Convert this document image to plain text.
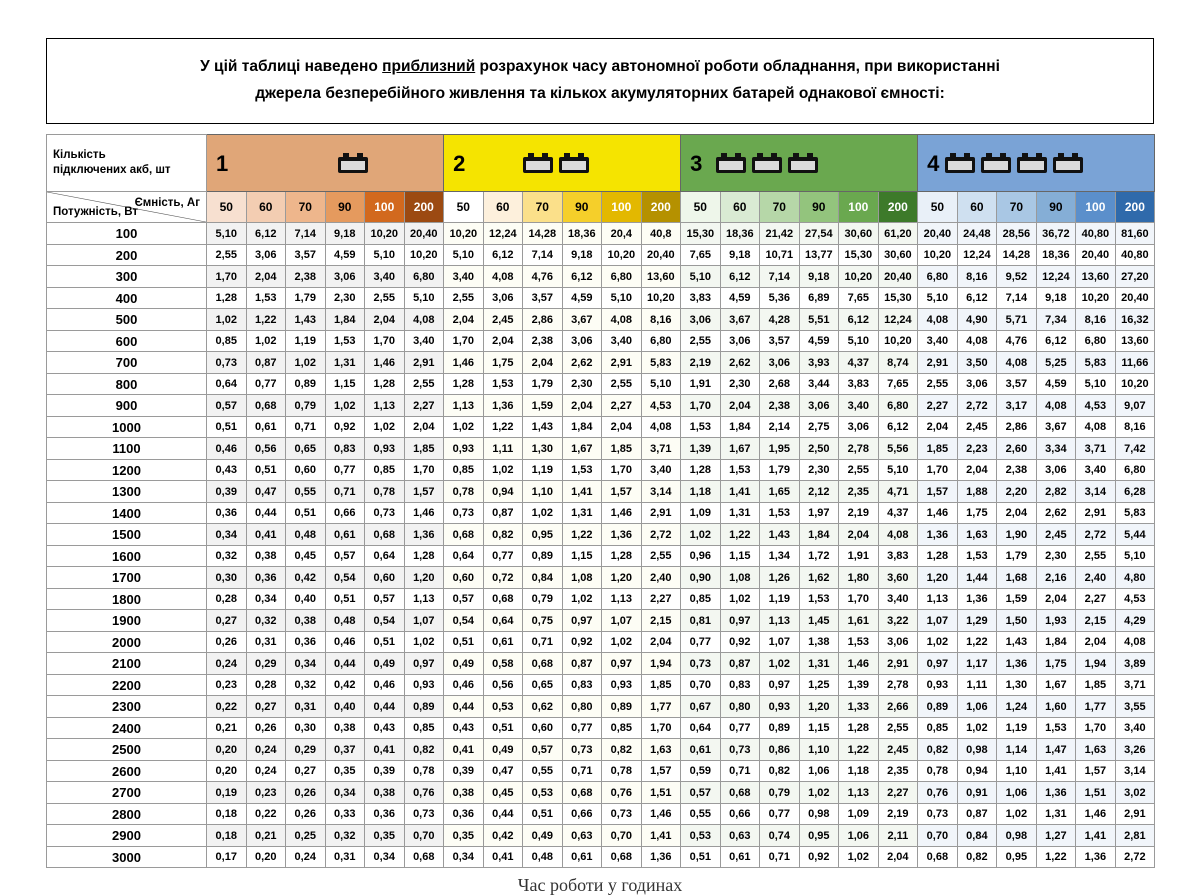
У цій таблиці наведено приблизний розрахунок часу автономної роботи обладнання, при використанні
джерела безперебійного живлення та кількох акумуляторних батарей однакової ємності:
Кількість
підключених акб, шт	1						2						3						4					

Ємність, Аг
Потужність, Вт	50	60	70	90	100	200	50	60	70	90	100	200	50	60	70	90	100	200	50	60	70	90	100	200
100	5,10	6,12	7,14	9,18	10,20	20,40	10,20	12,24	14,28	18,36	20,4	40,8	15,30	18,36	21,42	27,54	30,60	61,20	20,40	24,48	28,56	36,72	40,80	81,60
200	2,55	3,06	3,57	4,59	5,10	10,20	5,10	6,12	7,14	9,18	10,20	20,40	7,65	9,18	10,71	13,77	15,30	30,60	10,20	12,24	14,28	18,36	20,40	40,80
300	1,70	2,04	2,38	3,06	3,40	6,80	3,40	4,08	4,76	6,12	6,80	13,60	5,10	6,12	7,14	9,18	10,20	20,40	6,80	8,16	9,52	12,24	13,60	27,20
400	1,28	1,53	1,79	2,30	2,55	5,10	2,55	3,06	3,57	4,59	5,10	10,20	3,83	4,59	5,36	6,89	7,65	15,30	5,10	6,12	7,14	9,18	10,20	20,40
500	1,02	1,22	1,43	1,84	2,04	4,08	2,04	2,45	2,86	3,67	4,08	8,16	3,06	3,67	4,28	5,51	6,12	12,24	4,08	4,90	5,71	7,34	8,16	16,32
600	0,85	1,02	1,19	1,53	1,70	3,40	1,70	2,04	2,38	3,06	3,40	6,80	2,55	3,06	3,57	4,59	5,10	10,20	3,40	4,08	4,76	6,12	6,80	13,60
700	0,73	0,87	1,02	1,31	1,46	2,91	1,46	1,75	2,04	2,62	2,91	5,83	2,19	2,62	3,06	3,93	4,37	8,74	2,91	3,50	4,08	5,25	5,83	11,66
800	0,64	0,77	0,89	1,15	1,28	2,55	1,28	1,53	1,79	2,30	2,55	5,10	1,91	2,30	2,68	3,44	3,83	7,65	2,55	3,06	3,57	4,59	5,10	10,20
900	0,57	0,68	0,79	1,02	1,13	2,27	1,13	1,36	1,59	2,04	2,27	4,53	1,70	2,04	2,38	3,06	3,40	6,80	2,27	2,72	3,17	4,08	4,53	9,07
1000	0,51	0,61	0,71	0,92	1,02	2,04	1,02	1,22	1,43	1,84	2,04	4,08	1,53	1,84	2,14	2,75	3,06	6,12	2,04	2,45	2,86	3,67	4,08	8,16
1100	0,46	0,56	0,65	0,83	0,93	1,85	0,93	1,11	1,30	1,67	1,85	3,71	1,39	1,67	1,95	2,50	2,78	5,56	1,85	2,23	2,60	3,34	3,71	7,42
1200	0,43	0,51	0,60	0,77	0,85	1,70	0,85	1,02	1,19	1,53	1,70	3,40	1,28	1,53	1,79	2,30	2,55	5,10	1,70	2,04	2,38	3,06	3,40	6,80
1300	0,39	0,47	0,55	0,71	0,78	1,57	0,78	0,94	1,10	1,41	1,57	3,14	1,18	1,41	1,65	2,12	2,35	4,71	1,57	1,88	2,20	2,82	3,14	6,28
1400	0,36	0,44	0,51	0,66	0,73	1,46	0,73	0,87	1,02	1,31	1,46	2,91	1,09	1,31	1,53	1,97	2,19	4,37	1,46	1,75	2,04	2,62	2,91	5,83
1500	0,34	0,41	0,48	0,61	0,68	1,36	0,68	0,82	0,95	1,22	1,36	2,72	1,02	1,22	1,43	1,84	2,04	4,08	1,36	1,63	1,90	2,45	2,72	5,44
1600	0,32	0,38	0,45	0,57	0,64	1,28	0,64	0,77	0,89	1,15	1,28	2,55	0,96	1,15	1,34	1,72	1,91	3,83	1,28	1,53	1,79	2,30	2,55	5,10
1700	0,30	0,36	0,42	0,54	0,60	1,20	0,60	0,72	0,84	1,08	1,20	2,40	0,90	1,08	1,26	1,62	1,80	3,60	1,20	1,44	1,68	2,16	2,40	4,80
1800	0,28	0,34	0,40	0,51	0,57	1,13	0,57	0,68	0,79	1,02	1,13	2,27	0,85	1,02	1,19	1,53	1,70	3,40	1,13	1,36	1,59	2,04	2,27	4,53
1900	0,27	0,32	0,38	0,48	0,54	1,07	0,54	0,64	0,75	0,97	1,07	2,15	0,81	0,97	1,13	1,45	1,61	3,22	1,07	1,29	1,50	1,93	2,15	4,29
2000	0,26	0,31	0,36	0,46	0,51	1,02	0,51	0,61	0,71	0,92	1,02	2,04	0,77	0,92	1,07	1,38	1,53	3,06	1,02	1,22	1,43	1,84	2,04	4,08
2100	0,24	0,29	0,34	0,44	0,49	0,97	0,49	0,58	0,68	0,87	0,97	1,94	0,73	0,87	1,02	1,31	1,46	2,91	0,97	1,17	1,36	1,75	1,94	3,89
2200	0,23	0,28	0,32	0,42	0,46	0,93	0,46	0,56	0,65	0,83	0,93	1,85	0,70	0,83	0,97	1,25	1,39	2,78	0,93	1,11	1,30	1,67	1,85	3,71
2300	0,22	0,27	0,31	0,40	0,44	0,89	0,44	0,53	0,62	0,80	0,89	1,77	0,67	0,80	0,93	1,20	1,33	2,66	0,89	1,06	1,24	1,60	1,77	3,55
2400	0,21	0,26	0,30	0,38	0,43	0,85	0,43	0,51	0,60	0,77	0,85	1,70	0,64	0,77	0,89	1,15	1,28	2,55	0,85	1,02	1,19	1,53	1,70	3,40
2500	0,20	0,24	0,29	0,37	0,41	0,82	0,41	0,49	0,57	0,73	0,82	1,63	0,61	0,73	0,86	1,10	1,22	2,45	0,82	0,98	1,14	1,47	1,63	3,26
2600	0,20	0,24	0,27	0,35	0,39	0,78	0,39	0,47	0,55	0,71	0,78	1,57	0,59	0,71	0,82	1,06	1,18	2,35	0,78	0,94	1,10	1,41	1,57	3,14
2700	0,19	0,23	0,26	0,34	0,38	0,76	0,38	0,45	0,53	0,68	0,76	1,51	0,57	0,68	0,79	1,02	1,13	2,27	0,76	0,91	1,06	1,36	1,51	3,02
2800	0,18	0,22	0,26	0,33	0,36	0,73	0,36	0,44	0,51	0,66	0,73	1,46	0,55	0,66	0,77	0,98	1,09	2,19	0,73	0,87	1,02	1,31	1,46	2,91
2900	0,18	0,21	0,25	0,32	0,35	0,70	0,35	0,42	0,49	0,63	0,70	1,41	0,53	0,63	0,74	0,95	1,06	2,11	0,70	0,84	0,98	1,27	1,41	2,81
3000	0,17	0,20	0,24	0,31	0,34	0,68	0,34	0,41	0,48	0,61	0,68	1,36	0,51	0,61	0,71	0,92	1,02	2,04	0,68	0,82	0,95	1,22	1,36	2,72
Час роботи у годинах
